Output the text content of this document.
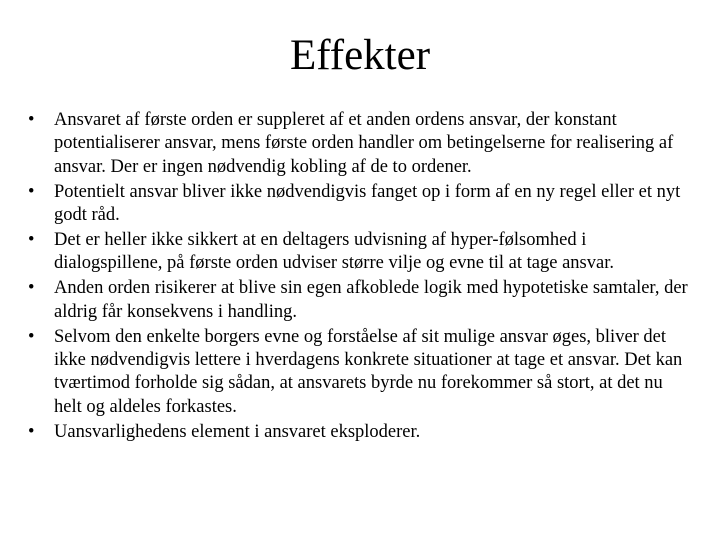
Effekter
• Ansvaret af første orden er suppleret af et anden ordens ansvar, der konstant potentialiserer ansvar, mens første orden handler om betingelserne for realisering af ansvar. Der er ingen nødvendig kobling af de to ordener.
• Potentielt ansvar bliver ikke nødvendigvis fanget op i form af en ny regel eller et nyt godt råd.
• Det er heller ikke sikkert at en deltagers udvisning af hyper-følsomhed i dialogspillene, på første orden udviser større vilje og evne til at tage ansvar.
• Anden orden risikerer at blive sin egen afkoblede logik med hypotetiske samtaler, der aldrig får konsekvens i handling.
• Selvom den enkelte borgers evne og forståelse af sit mulige ansvar øges, bliver det ikke nødvendigvis lettere i hverdagens konkrete situationer at tage et ansvar. Det kan tværtimod forholde sig sådan, at ansvarets byrde nu forekommer så stort, at det nu helt og aldeles forkastes.
• Uansvarlighedens element i ansvaret eksploderer.
